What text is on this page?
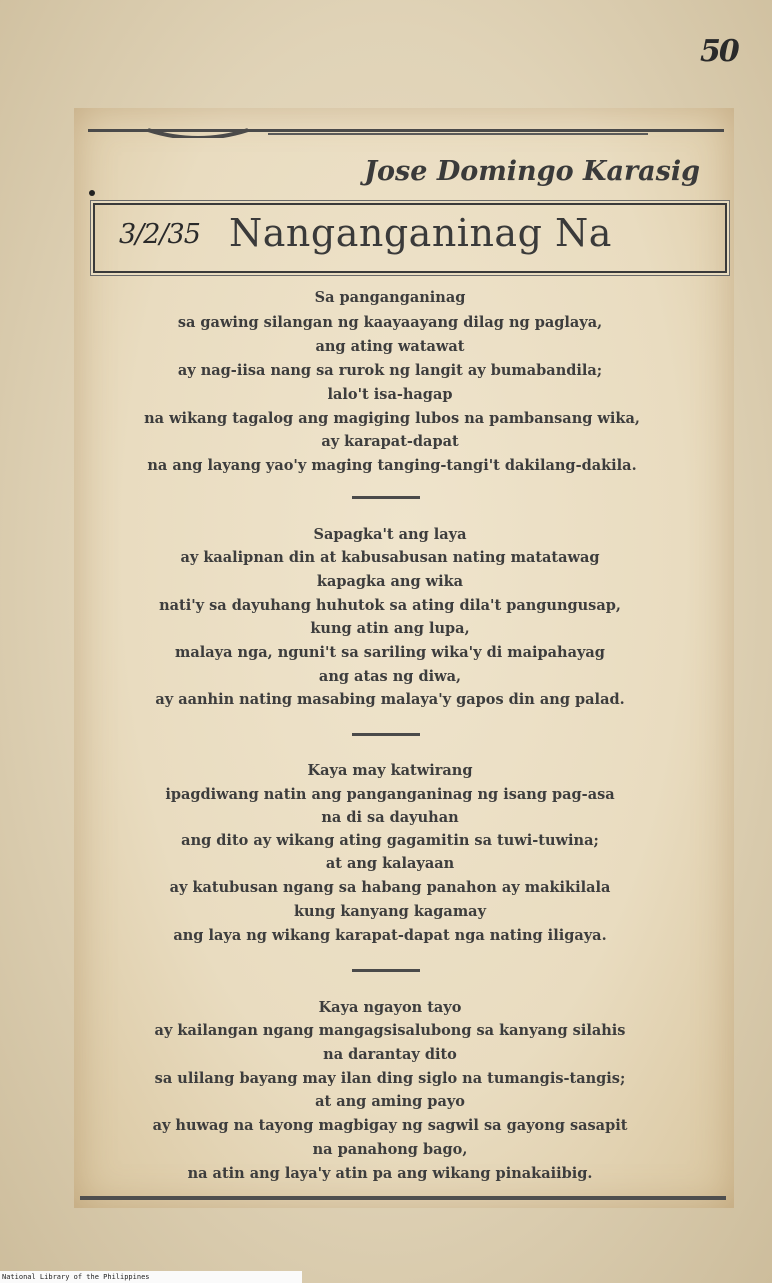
50
Jose Domingo Karasig
3/2/35 Nanganganinag Na
Sa panganganinag
sa gawing silangan ng kaayaayang dilag ng paglaya,
ang ating watawat
ay nag-iisa nang sa rurok ng langit ay bumabandila;
lalo't isa-hagap
na wikang tagalog ang magiging lubos na pambansang wika,
ay karapat-dapat
na ang layang yao'y maging tanging-tangi't dakilang-dakila.
Sapagka't ang laya
ay kaalipnan din at kabusabusan nating matatawag
kapagka ang wika
nati'y sa dayuhang huhutok sa ating dila't pangungusap,
kung atin ang lupa,
malaya nga, nguni't sa sariling wika'y di maipahayag
ang atas ng diwa,
ay aanhin nating masabing malaya'y gapos din ang palad.
Kaya may katwirang
ipagdiwang natin ang panganganinag ng isang pag-asa
na di sa dayuhan
ang dito ay wikang ating gagamitin sa tuwi-tuwina;
at ang kalayaan
ay katubusan ngang sa habang panahon ay makikilala
kung kanyang kagamay
ang laya ng wikang karapat-dapat nga nating iligaya.
Kaya ngayon tayo
ay kailangan ngang mangagsisalubong sa kanyang silahis
na darantay dito
sa ulilang bayang may ilan ding siglo na tumangis-tangis;
at ang aming payo
ay huwag na tayong magbigay ng sagwil sa gayong sasapit
na panahong bago,
na atin ang laya'y atin pa ang wikang pinakaiibig.
National Library of the Philippines
